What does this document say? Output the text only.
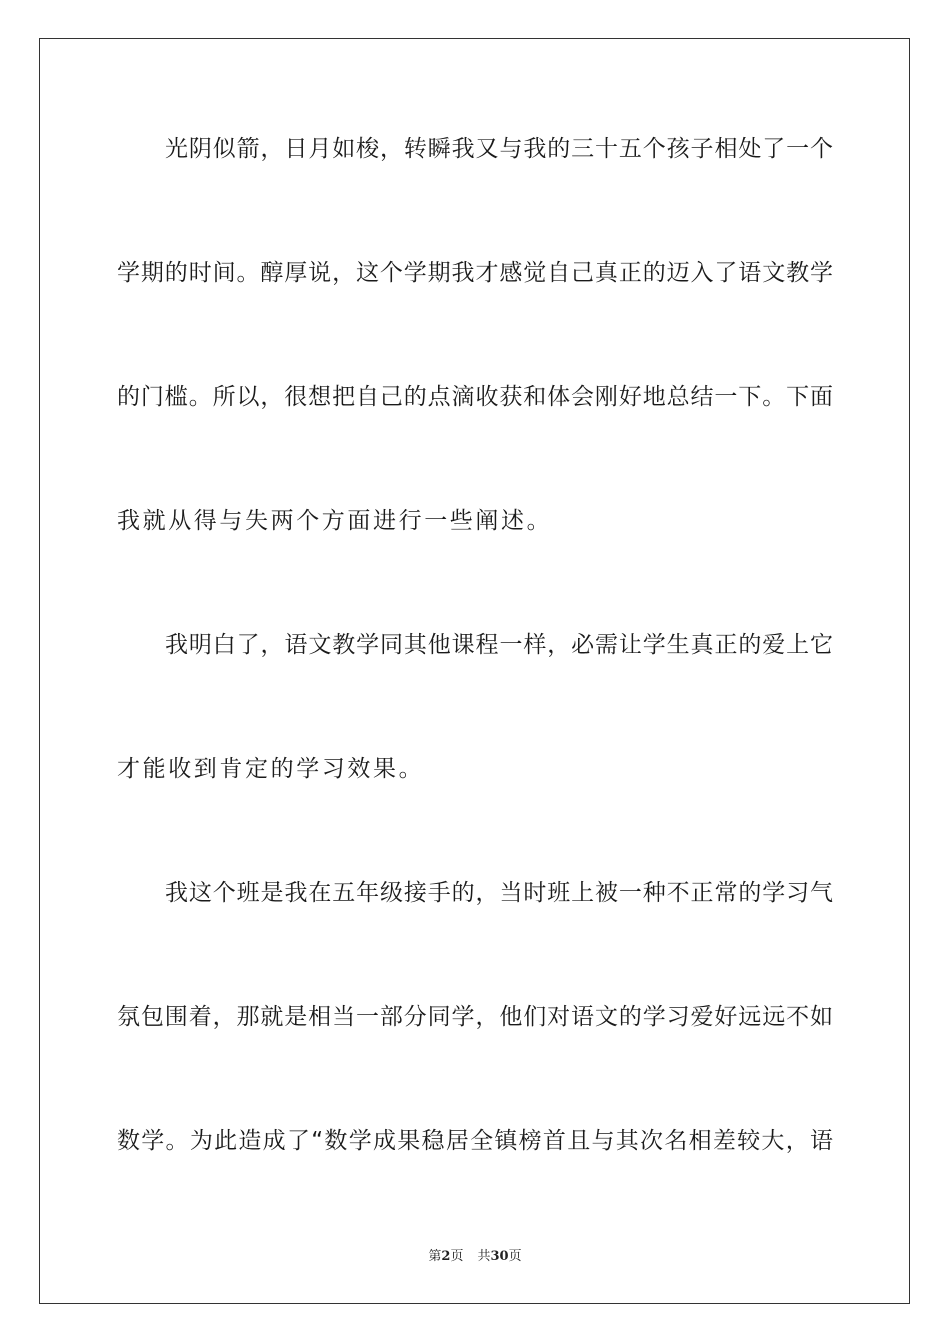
光阴似箭，日月如梭，转瞬我又与我的三十五个孩子相处了一个
学期的时间。醇厚说，这个学期我才感觉自己真正的迈入了语文教学
的门槛。所以，很想把自己的点滴收获和体会刚好地总结一下。下面
我就从得与失两个方面进行一些阐述。
我明白了，语文教学同其他课程一样，必需让学生真正的爱上它
才能收到肯定的学习效果。
我这个班是我在五年级接手的，当时班上被一种不正常的学习气
氛包围着，那就是相当一部分同学，他们对语文的学习爱好远远不如
数学。为此造成了“数学成果稳居全镇榜首且与其次名相差较大，语
第2页 共30页
